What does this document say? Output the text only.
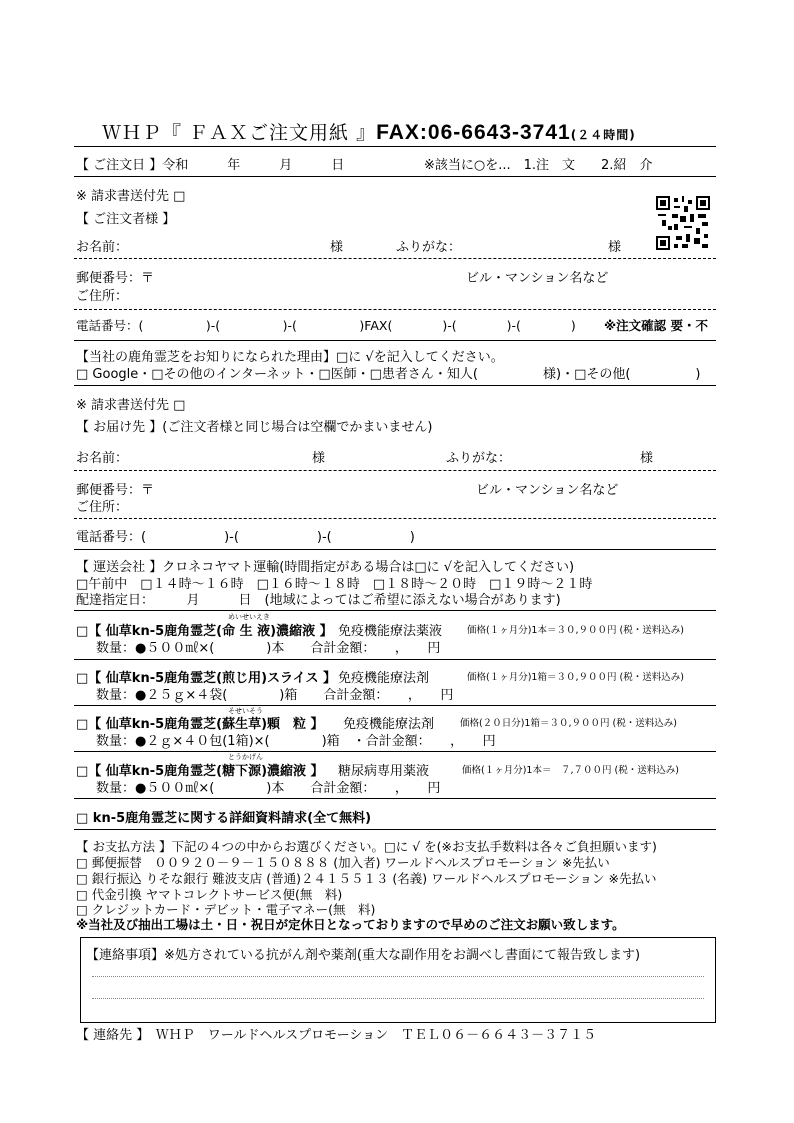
ＷＨＰ『 ＦＡＸご注文用紙 』FAX:06-6643-3741(２４時間)
【 ご注文日 】令和　　　年　　　月　　　日	※該当に○を...　1.注　文　　2.紹　介
※ 請求書送付先 □
【 ご注文者様 】
お名前：	様	ふりがな：	様
郵便番号：〒	ビル・マンション名など
ご住所：
電話番号：(　　　　　)-(　　　　　)-(　　　　　)FAX(　　　　)-(　　　　)-(　　　　) ※注文確認 要・不
【当社の鹿角霊芝をお知りになられた理由】□に √を記入してください。
□ Google・□その他のインターネット・□医師・□患者さん・知人(　　　　　様)・□その他(　　　　　)
※ 請求書送付先 □
【 お届け先 】(ご注文者様と同じ場合は空欄でかまいません)
お名前：	様	ふりがな：	様
郵便番号：〒	ビル・マンション名など
ご住所：
電話番号：(　　　　　　)-(　　　　　　)-(　　　　　　)
【 運送会社 】クロネコヤマト運輸(時間指定がある場合は□に √を記入してください)
□午前中　□１４時～１６時　□１６時～１８時　□１８時～２０時　□１９時～２１時
配達指定日：　　　月　　　日　(地域によってはご希望に添えない場合があります)
めいせいえき
□【 仙草kn-5鹿角霊芝(命 生 液)濃縮液 】 免疫機能療法薬液	価格(１ヶ月分)1本＝３０,９００円 (税・送料込み)
数量：●５００㎖×(　　　　)本　　合計金額：　　，　　円
□【 仙草kn-5鹿角霊芝(煎じ用)スライス 】 免疫機能療法剤	価格(１ヶ月分)1箱＝３０,９００円 (税・送料込み)
数量：●２５ｇ×４袋(　　　　)箱　　合計金額：　　，　　円
そせいそう
□【 仙草kn-5鹿角霊芝(蘇生草)顆　粒 】 免疫機能療法剤	価格(２０日分)1箱＝３０,９００円 (税・送料込み)
数量：●２ｇ×４０包(1箱)×(　　　　)箱　・合計金額：　　，　　円
とうかげん
□【 仙草kn-5鹿角霊芝(糖下源)濃縮液 】 糖尿病専用薬液	価格(１ヶ月分)1本＝　７,７００円 (税・送料込み)
数量：●５００㎖×(　　　　)本　　合計金額：　　，　　円
□ kn-5鹿角霊芝に関する詳細資料請求(全て無料)
【 お支払方法 】下記の４つの中からお選びください。□に √ を(※お支払手数料は各々ご負担願います)
□ 郵便振替　００９２０－９－１５０８８８ (加入者) ワールドヘルスプロモーション ※先払い
□ 銀行振込 りそな銀行 難波支店 (普通)２４１５５１３ (名義) ワールドヘルスプロモーション ※先払い
□ 代金引換 ヤマトコレクトサービス便(無　料)
□ クレジットカード・デビット・電子マネー(無　料)
※当社及び抽出工場は土・日・祝日が定休日となっておりますので早めのご注文お願い致します。
【連絡事項】※処方されている抗がん剤や薬剤(重大な副作用をお調べし書面にて報告致します)
【 連絡先 】　ＷＨＰ　ワールドヘルスプロモーション　ＴＥＬ０６－６６４３－３７１５
